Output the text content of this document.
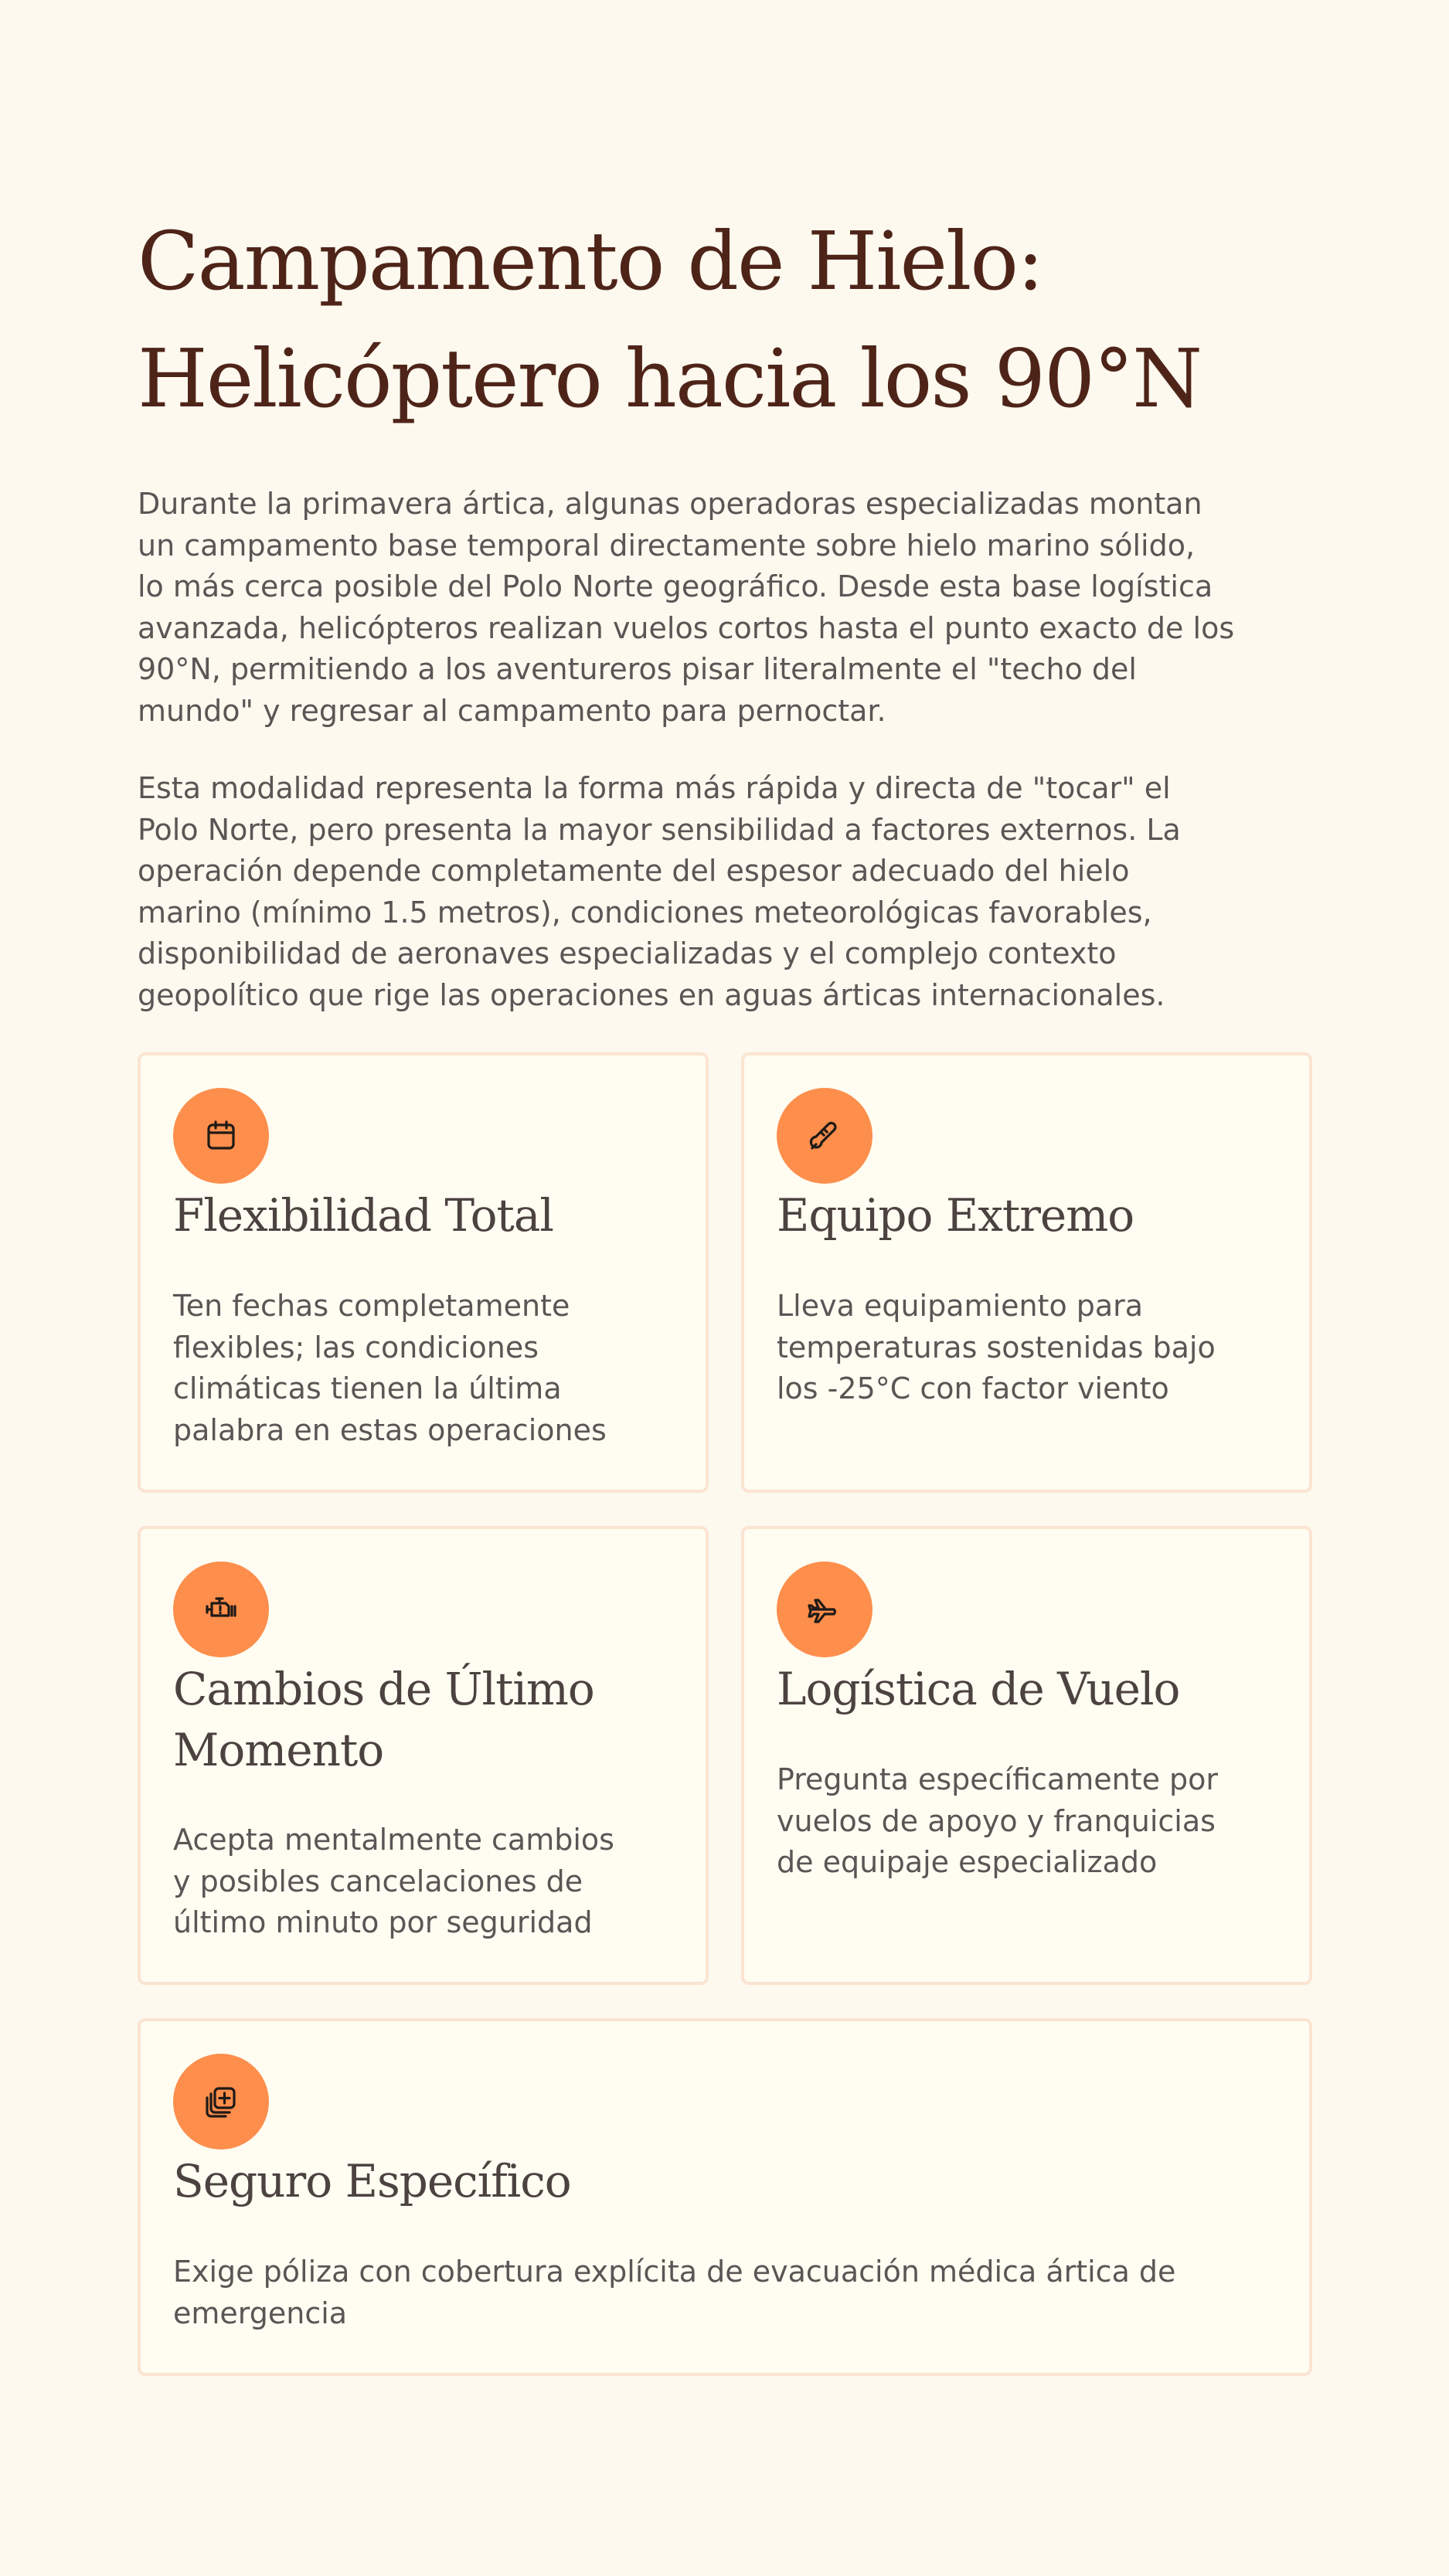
Campamento de Hielo:
Helicóptero hacia los 90°N
Durante la primavera ártica, algunas operadoras especializadas montan
un campamento base temporal directamente sobre hielo marino sólido,
lo más cerca posible del Polo Norte geográfico. Desde esta base logística
avanzada, helicópteros realizan vuelos cortos hasta el punto exacto de los
90°N, permitiendo a los aventureros pisar literalmente el "techo del
mundo" y regresar al campamento para pernoctar.
Esta modalidad representa la forma más rápida y directa de "tocar" el
Polo Norte, pero presenta la mayor sensibilidad a factores externos. La
operación depende completamente del espesor adecuado del hielo
marino (mínimo 1.5 metros), condiciones meteorológicas favorables,
disponibilidad de aeronaves especializadas y el complejo contexto
geopolítico que rige las operaciones en aguas árticas internacionales.
Flexibilidad Total

Ten fechas completamente
flexibles; las condiciones
climáticas tienen la última
palabra en estas operaciones

Equipo Extremo

Lleva equipamiento para
temperaturas sostenidas bajo
los -25°C con factor viento

Cambios de Último
Momento

Acepta mentalmente cambios
y posibles cancelaciones de
último minuto por seguridad

Logística de Vuelo

Pregunta específicamente por
vuelos de apoyo y franquicias
de equipaje especializado

Seguro Específico

Exige póliza con cobertura explícita de evacuación médica ártica de
emergencia
